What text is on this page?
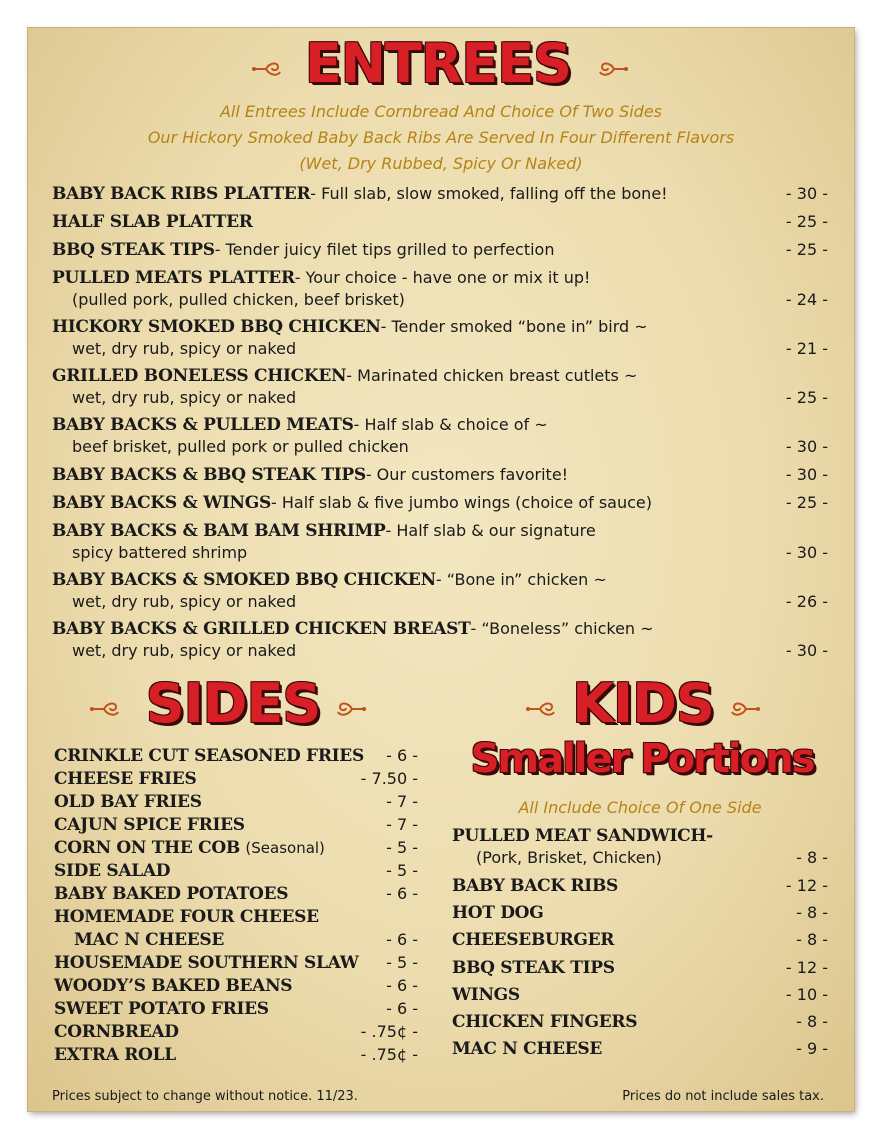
ENTREES
All Entrees Include Cornbread And Choice Of Two Sides
Our Hickory Smoked Baby Back Ribs Are Served In Four Different Flavors
(Wet, Dry Rubbed, Spicy Or Naked)
BABY BACK RIBS PLATTER- Full slab, slow smoked, falling off the bone!	- 30 -
HALF SLAB PLATTER	- 25 -
BBQ STEAK TIPS- Tender juicy filet tips grilled to perfection	- 25 -
PULLED MEATS PLATTER- Your choice - have one or mix it up!
(pulled pork, pulled chicken, beef brisket)	- 24 -
HICKORY SMOKED BBQ CHICKEN- Tender smoked “bone in” bird ~
wet, dry rub, spicy or naked	- 21 -
GRILLED BONELESS CHICKEN- Marinated chicken breast cutlets ~
wet, dry rub, spicy or naked	- 25 -
BABY BACKS & PULLED MEATS- Half slab & choice of ~
beef brisket, pulled pork or pulled chicken	- 30 -
BABY BACKS & BBQ STEAK TIPS- Our customers favorite!	- 30 -
BABY BACKS & WINGS- Half slab & five jumbo wings (choice of sauce)	- 25 -
BABY BACKS & BAM BAM SHRIMP- Half slab & our signature
spicy battered shrimp	- 30 -
BABY BACKS & SMOKED BBQ CHICKEN- “Bone in” chicken ~
wet, dry rub, spicy or naked	- 26 -
BABY BACKS & GRILLED CHICKEN BREAST- “Boneless” chicken ~
wet, dry rub, spicy or naked	- 30 -
SIDES
CRINKLE CUT SEASONED FRIES - 6 -
CHEESE FRIES	- 7.50 -
OLD BAY FRIES	- 7 -
CAJUN SPICE FRIES	- 7 -
CORN ON THE COB (Seasonal)	- 5 -
SIDE SALAD	- 5 -
BABY BAKED POTATOES	- 6 -
HOMEMADE FOUR CHEESE
MAC N CHEESE	- 6 -
HOUSEMADE SOUTHERN SLAW - 5 -
WOODY’S BAKED BEANS	- 6 -
SWEET POTATO FRIES	- 6 -
CORNBREAD	- .75¢ -
EXTRA ROLL	- .75¢ -
KIDS
Smaller Portions
All Include Choice Of One Side
PULLED MEAT SANDWICH-
(Pork, Brisket, Chicken)	- 8 -
BABY BACK RIBS	- 12 -
HOT DOG	- 8 -
CHEESEBURGER	- 8 -
BBQ STEAK TIPS	- 12 -
WINGS	- 10 -
CHICKEN FINGERS	- 8 -
MAC N CHEESE	- 9 -
Prices subject to change without notice. 11/23.	Prices do not include sales tax.
